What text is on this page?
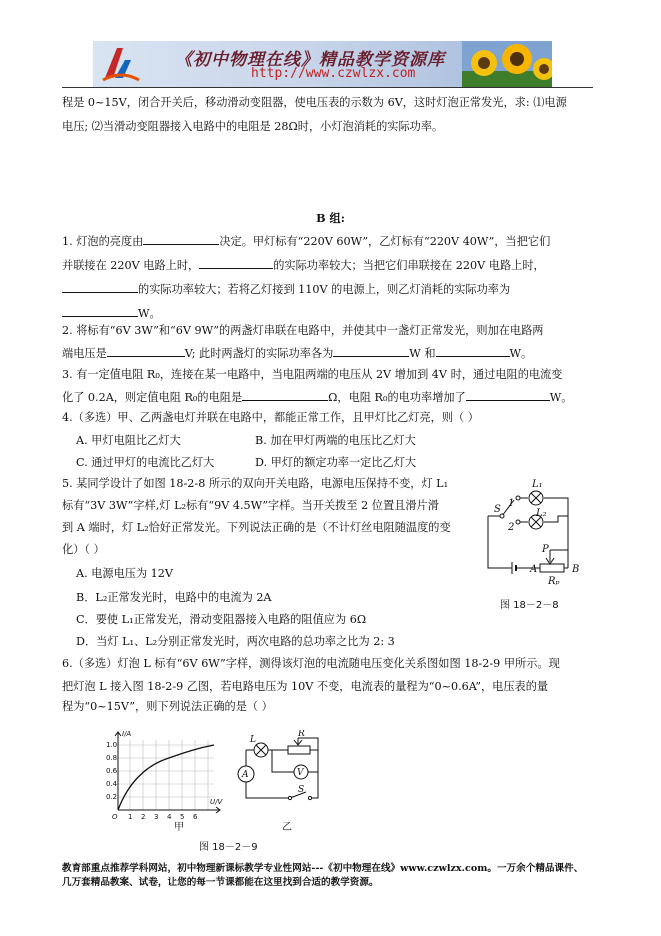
《初中物理在线》精品教学资源库
http://www.czwlzx.com
程是 0~15V，闭合开关后，移动滑动变阻器，使电压表的示数为 6V，这时灯泡正常发光，求: ⑴电源
电压; ⑵当滑动变阻器接入电路中的电阻是 28Ω时，小灯泡消耗的实际功率。
B 组:
1. 灯泡的亮度由	决定。甲灯标有“220V 60W”，乙灯标有“220V 40W”，当把它们
并联接在 220V 电路上时，	的实际功率较大；当把它们串联接在 220V 电路上时，
的实际功率较大；若将乙灯接到 110V 的电源上，则乙灯消耗的实际功率为
W。
2. 将标有“6V 3W”和“6V 9W”的两盏灯串联在电路中，并使其中一盏灯正常发光，则加在电路两
端电压是	V; 此时两盏灯的实际功率各为	W 和	W。
3. 有一定值电阻 R₀，连接在某一电路中，当电阻两端的电压从 2V 增加到 4V 时，通过电阻的电流变
化了 0.2A，则定值电阻 R₀的电阻是	Ω，电阻 R₀的电功率增加了	W。
4.（多选）甲、乙两盏电灯并联在电路中，都能正常工作，且甲灯比乙灯亮，则（ ）
A. 甲灯电阻比乙灯大	B. 加在甲灯两端的电压比乙灯大
C. 通过甲灯的电流比乙灯大	D. 甲灯的额定功率一定比乙灯大
5. 某同学设计了如图 18-2-8 所示的双向开关电路，电源电压保持不变，灯 L₁
标有“3V 3W”字样,灯 L₂标有“9V 4.5W”字样。当开关拨至 2 位置且滑片滑
到 A 端时，灯 L₂恰好正常发光。下列说法正确的是（不计灯丝电阻随温度的变
化）（ ）
A. 电源电压为 12V
B．L₂正常发光时，电路中的电流为 2A
C．要使 L₁正常发光，滑动变阻器接入电路的阻值应为 6Ω
D．当灯 L₁、L₂分别正常发光时，两次电路的总功率之比为 2: 3
L₁
L₂
S
1
2
P
A	B
Rₚ
图 18－2－8
6.（多选）灯泡 L 标有“6V 6W”字样，测得该灯泡的电流随电压变化关系图如图 18-2-9 甲所示。现
把灯泡 L 接入图 18-2-9 乙图，若电路电压为 10V 不变，电流表的量程为“0~0.6A”，电压表的量
程为“0~15V”，则下列说法正确的是（ ）
I/A
1.0
0.8
0.6
0.4
0.2
O 1 2 3 4 5 6
U/V
甲
L
R
A	V
S
乙
图 18－2－9
教育部重点推荐学科网站，初中物理新课标教学专业性网站---《初中物理在线》www.czwlzx.com。一万余个精品课件、
几万套精品教案、试卷，让您的每一节课都能在这里找到合适的教学资源。
